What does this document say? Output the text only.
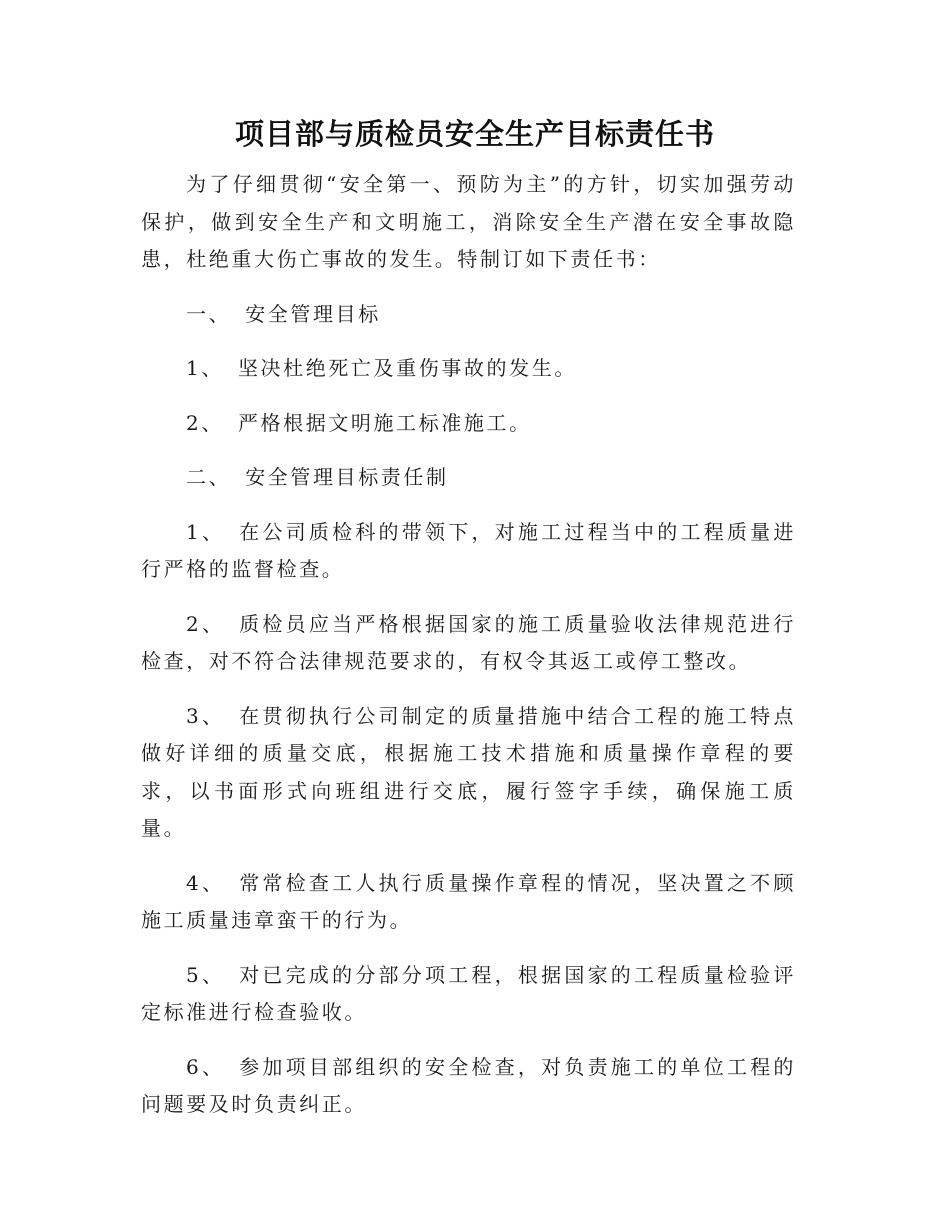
项目部与质检员安全生产目标责任书

为了仔细贯彻“安全第一、预防为主”的方针，切实加强劳动保护，做到安全生产和文明施工，消除安全生产潜在安全事故隐患，杜绝重大伤亡事故的发生。特制订如下责任书：

一、 安全管理目标

1、 坚决杜绝死亡及重伤事故的发生。

2、 严格根据文明施工标准施工。

二、 安全管理目标责任制

1、 在公司质检科的带领下，对施工过程当中的工程质量进行严格的监督检查。

2、 质检员应当严格根据国家的施工质量验收法律规范进行检查，对不符合法律规范要求的，有权令其返工或停工整改。

3、 在贯彻执行公司制定的质量措施中结合工程的施工特点做好详细的质量交底，根据施工技术措施和质量操作章程的要求，以书面形式向班组进行交底，履行签字手续，确保施工质量。

4、 常常检查工人执行质量操作章程的情况，坚决置之不顾施工质量违章蛮干的行为。

5、 对已完成的分部分项工程，根据国家的工程质量检验评定标准进行检查验收。

6、 参加项目部组织的安全检查，对负责施工的单位工程的问题要及时负责纠正。
